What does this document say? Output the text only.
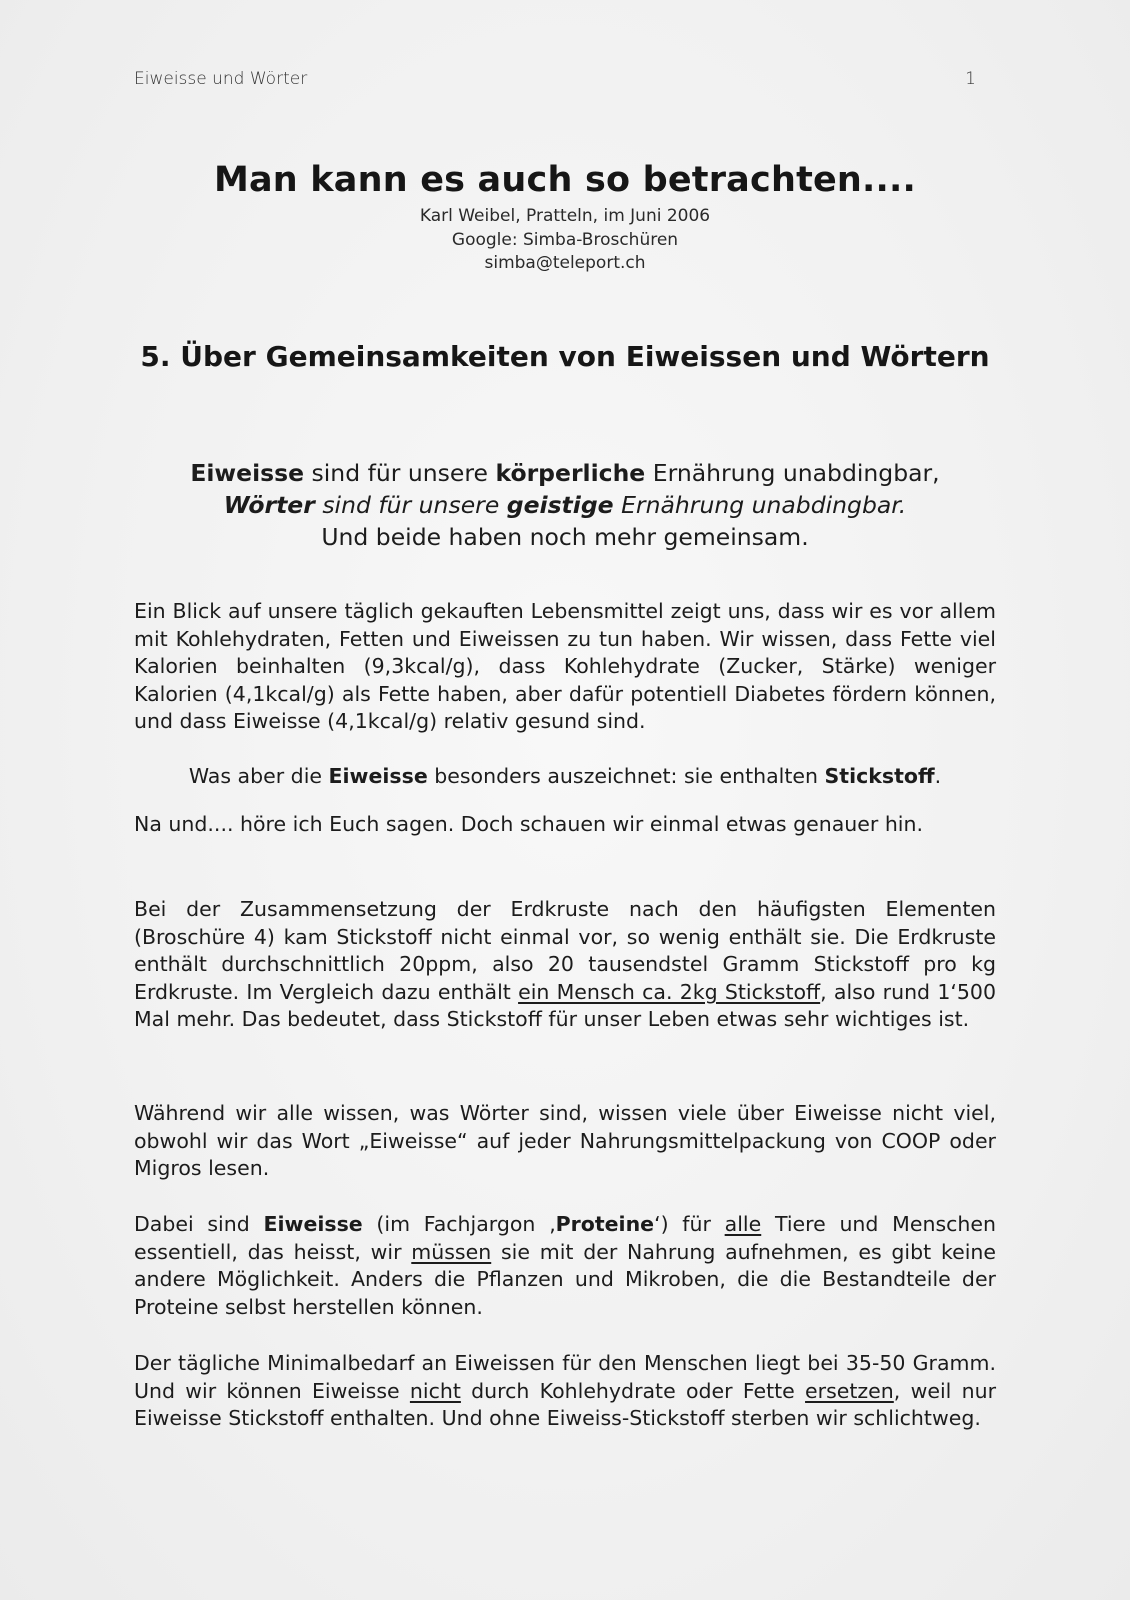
Eiweisse und Wörter	1
Man kann es auch so betrachten....
Karl Weibel, Pratteln, im Juni 2006
Google: Simba-Broschüren
simba@teleport.ch
5. Über Gemeinsamkeiten von Eiweissen und Wörtern
Eiweisse sind für unsere körperliche Ernährung unabdingbar,
Wörter sind für unsere geistige Ernährung unabdingbar.
Und beide haben noch mehr gemeinsam.
Ein Blick auf unsere täglich gekauften Lebensmittel zeigt uns, dass wir es vor allem mit Kohlehydraten, Fetten und Eiweissen zu tun haben. Wir wissen, dass Fette viel Kalorien beinhalten (9,3kcal/g), dass Kohlehydrate (Zucker, Stärke) weniger Kalorien (4,1kcal/g) als Fette haben, aber dafür potentiell Diabetes fördern können, und dass Eiweisse (4,1kcal/g) relativ gesund sind.
Was aber die Eiweisse besonders auszeichnet: sie enthalten Stickstoff.
Na und.... höre ich Euch sagen. Doch schauen wir einmal etwas genauer hin.
Bei der Zusammensetzung der Erdkruste nach den häufigsten Elementen (Broschüre 4) kam Stickstoff nicht einmal vor, so wenig enthält sie. Die Erdkruste enthält durchschnittlich 20ppm, also 20 tausendstel Gramm Stickstoff pro kg Erdkruste. Im Vergleich dazu enthält ein Mensch ca. 2kg Stickstoff, also rund 1‘500 Mal mehr. Das bedeutet, dass Stickstoff für unser Leben etwas sehr wichtiges ist.
Während wir alle wissen, was Wörter sind, wissen viele über Eiweisse nicht viel, obwohl wir das Wort „Eiweisse“ auf jeder Nahrungsmittelpackung von COOP oder Migros lesen.
Dabei sind Eiweisse (im Fachjargon ‚Proteine‘) für alle Tiere und Menschen essentiell, das heisst, wir müssen sie mit der Nahrung aufnehmen, es gibt keine andere Möglichkeit. Anders die Pflanzen und Mikroben, die die Bestandteile der Proteine selbst herstellen können.
Der tägliche Minimalbedarf an Eiweissen für den Menschen liegt bei 35-50 Gramm. Und wir können Eiweisse nicht durch Kohlehydrate oder Fette ersetzen, weil nur Eiweisse Stickstoff enthalten. Und ohne Eiweiss-Stickstoff sterben wir schlichtweg.
